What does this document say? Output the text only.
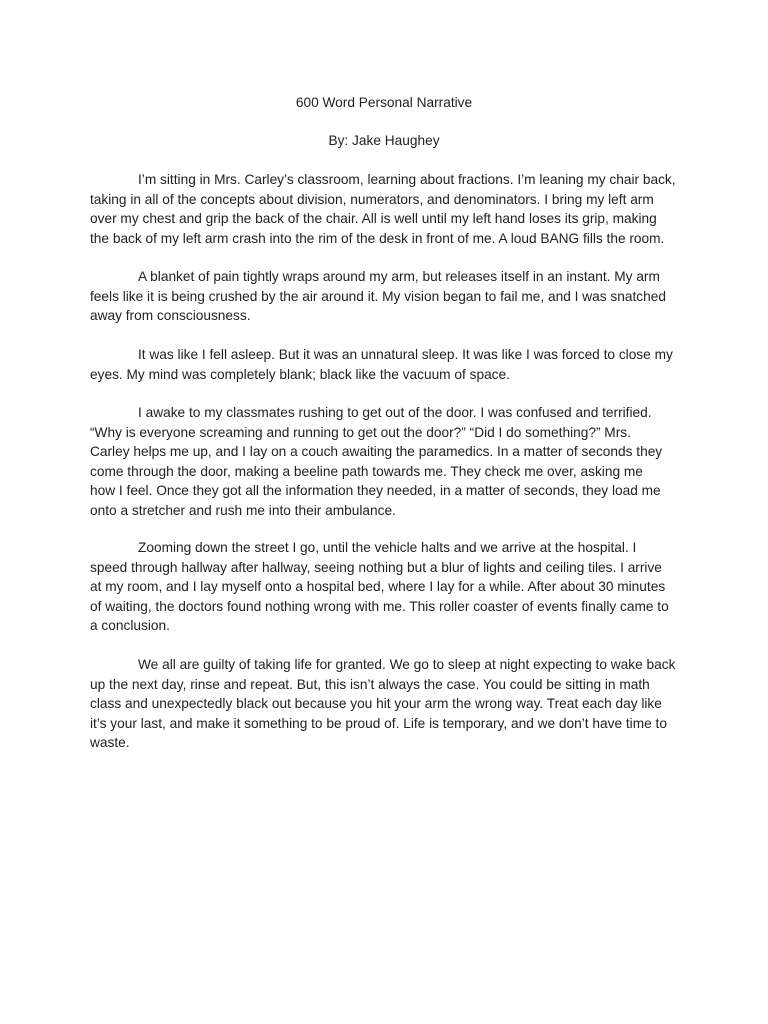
600 Word Personal Narrative
By: Jake Haughey
I’m sitting in Mrs. Carley’s classroom, learning about fractions. I’m leaning my chair back,
taking in all of the concepts about division, numerators, and denominators. I bring my left arm
over my chest and grip the back of the chair. All is well until my left hand loses its grip, making
the back of my left arm crash into the rim of the desk in front of me. A loud BANG fills the room.
A blanket of pain tightly wraps around my arm, but releases itself in an instant. My arm
feels like it is being crushed by the air around it. My vision began to fail me, and I was snatched
away from consciousness.
It was like I fell asleep. But it was an unnatural sleep. It was like I was forced to close my
eyes. My mind was completely blank; black like the vacuum of space.
I awake to my classmates rushing to get out of the door. I was confused and terrified.
“Why is everyone screaming and running to get out the door?” “Did I do something?” Mrs.
Carley helps me up, and I lay on a couch awaiting the paramedics. In a matter of seconds they
come through the door, making a beeline path towards me. They check me over, asking me
how I feel. Once they got all the information they needed, in a matter of seconds, they load me
onto a stretcher and rush me into their ambulance.
Zooming down the street I go, until the vehicle halts and we arrive at the hospital. I
speed through hallway after hallway, seeing nothing but a blur of lights and ceiling tiles. I arrive
at my room, and I lay myself onto a hospital bed, where I lay for a while. After about 30 minutes
of waiting, the doctors found nothing wrong with me. This roller coaster of events finally came to
a conclusion.
We all are guilty of taking life for granted. We go to sleep at night expecting to wake back
up the next day, rinse and repeat. But, this isn’t always the case. You could be sitting in math
class and unexpectedly black out because you hit your arm the wrong way. Treat each day like
it’s your last, and make it something to be proud of. Life is temporary, and we don’t have time to
waste.
